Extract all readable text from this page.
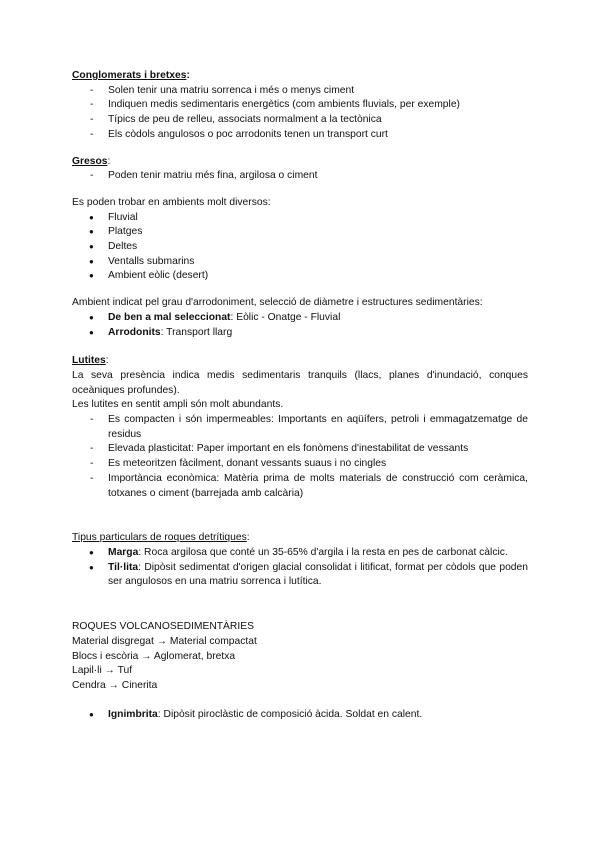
Conglomerats i bretxes:
- Solen tenir una matriu sorrenca i més o menys ciment
- Indiquen medis sedimentaris energètics (com ambients fluvials, per exemple)
- Típics de peu de relleu, associats normalment a la tectònica
- Els còdols angulosos o poc arrodonits tenen un transport curt
Gresos:
- Poden tenir matriu més fina, argilosa o ciment
Es poden trobar en ambients molt diversos:
● Fluvial
● Platges
● Deltes
● Ventalls submarins
● Ambient eòlic (desert)
Ambient indicat pel grau d'arrodoniment, selecció de diàmetre i estructures sedimentàries:
● De ben a mal seleccionat: Eòlic - Onatge - Fluvial
● Arrodonits: Transport llarg
Lutites:
La seva presència indica medis sedimentaris tranquils (llacs, planes d'inundació, conques oceàniques profundes).
Les lutites en sentit ampli són molt abundants.
- Es compacten i són impermeables: Importants en aqüífers, petroli i emmagatzematge de residus
- Elevada plasticitat: Paper important en els fonòmens d'inestabilitat de vessants
- Es meteoritzen fàcilment, donant vessants suaus i no cingles
- Importància econòmica: Matèria prima de molts materials de construcció com ceràmica, totxanes o ciment (barrejada amb calcària)
Tipus particulars de roques detrítiques:
● Marga: Roca argilosa que conté un 35-65% d'argila i la resta en pes de carbonat càlcic.
● Til·lita: Dipòsit sedimentat d'origen glacial consolidat i litificat, format per còdols que poden ser angulosos en una matriu sorrenca i lutítica.
ROQUES VOLCANOSEDIMENTÀRIES
Material disgregat → Material compactat
Blocs i escòria → Aglomerat, bretxa
Lapil·li → Tuf
Cendra → Cinerita
● Ignimbrita: Dipòsit piroclàstic de composició àcida. Soldat en calent.
